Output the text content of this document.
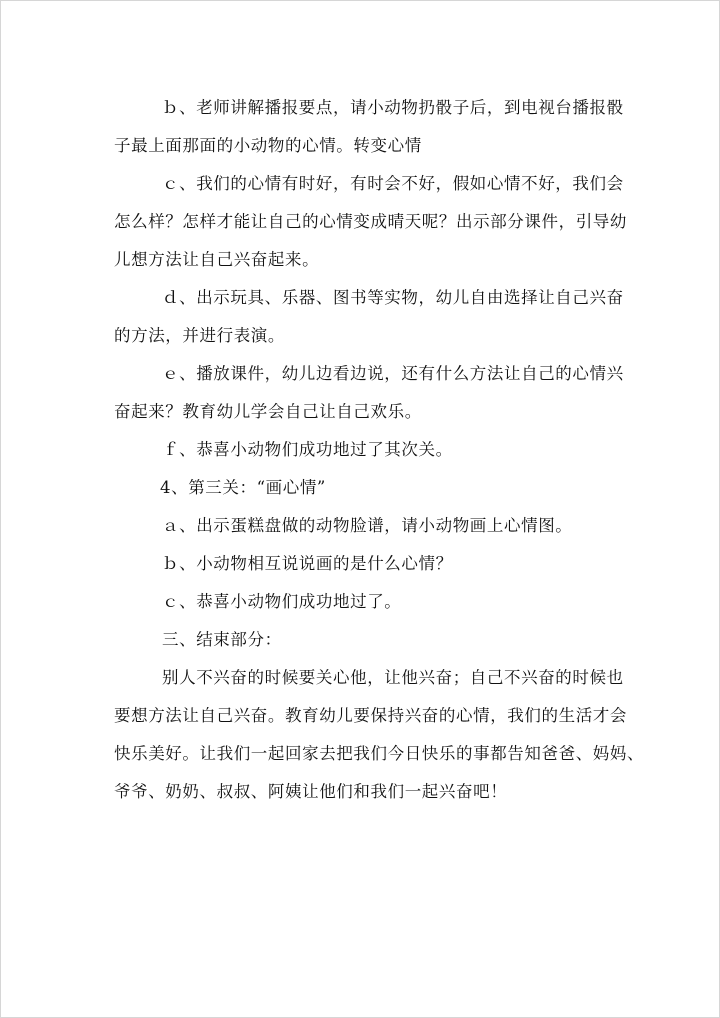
ｂ、老师讲解播报要点，请小动物扔骰子后，到电视台播报骰
子最上面那面的小动物的心情。转变心情
ｃ、我们的心情有时好，有时会不好，假如心情不好，我们会
怎么样？怎样才能让自己的心情变成晴天呢？出示部分课件，引导幼
儿想方法让自己兴奋起来。
ｄ、出示玩具、乐器、图书等实物，幼儿自由选择让自己兴奋
的方法，并进行表演。
ｅ、播放课件，幼儿边看边说，还有什么方法让自己的心情兴
奋起来？教育幼儿学会自己让自己欢乐。
ｆ、恭喜小动物们成功地过了其次关。
4、第三关：“画心情”
ａ、出示蛋糕盘做的动物脸谱，请小动物画上心情图。
ｂ、小动物相互说说画的是什么心情？
ｃ、恭喜小动物们成功地过了。
三、结束部分：
别人不兴奋的时候要关心他，让他兴奋；自己不兴奋的时候也
要想方法让自己兴奋。教育幼儿要保持兴奋的心情，我们的生活才会
快乐美好。让我们一起回家去把我们今日快乐的事都告知爸爸、妈妈、
爷爷、奶奶、叔叔、阿姨让他们和我们一起兴奋吧！
